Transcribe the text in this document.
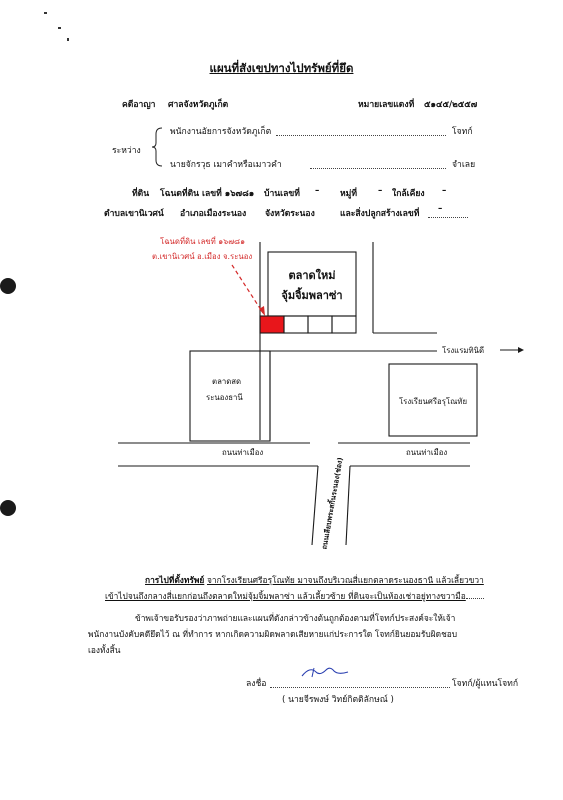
แผนที่สังเขปทางไปทรัพย์ที่ยึด
คดีอาญา ศาลจังหวัดภูเก็ต	หมายเลขแดงที่ ๕๑๔๕/๒๕๕๗
ระหว่าง
พนักงานอัยการจังหวัดภูเก็ต	โจทก์
นายจักรวุธ เมาคำหรือเมาวคำ	จำเลย
ที่ดิน โฉนดที่ดิน เลขที่ ๑๖๗๘๑ บ้านเลขที่ – หมู่ที่ – ใกล้เคียง –
ตำบลเขานิเวศน์ อำเภอเมืองระนอง จังหวัดระนอง	และสิ่งปลูกสร้างเลขที่ –
โฉนดที่ดิน เลขที่ ๑๖๗๘๑
ต.เขานิเวศน์ อ.เมือง จ.ระนอง
ตลาดใหม่
จุ้มจิ้มพลาซ่า
โรงแรมทินิดี
ตลาดสด
ระนองธานี	โรงเรียนศรีอรุโณทัย
ถนนท่าเมือง	ถนนท่าเมือง
ถนนเลียบพระสกิ้นระนอง(ช่อง)
การไปที่ตั้งทรัพย์ จากโรงเรียนศรีอรุโณทัย มาจนถึงบริเวณสี่แยกตลาดระนองธานี แล้วเลี้ยวขวา
เข้าไปจนถึงกลางสี่แยกก่อนถึงตลาดใหม่จุ้มจิ้มพลาซ่า แล้วเลี้ยวซ้าย ที่ดินจะเป็นห้องเช่าอยู่ทางขวามือ
ข้าพเจ้าขอรับรองว่าภาพถ่ายและแผนที่ดังกล่าวข้างต้นถูกต้องตามที่โจทก์ประสงค์จะให้เจ้า
พนักงานบังคับคดียึดไว้ ณ ที่ทำการ หากเกิดความผิดพลาดเสียหายแก่ประการใด โจทก์ยินยอมรับผิดชอบ
เองทั้งสิ้น
ลงชื่อ	โจทก์/ผู้แทนโจทก์
( นายจีรพงษ์ วิทย์กิตติลักษณ์ )
